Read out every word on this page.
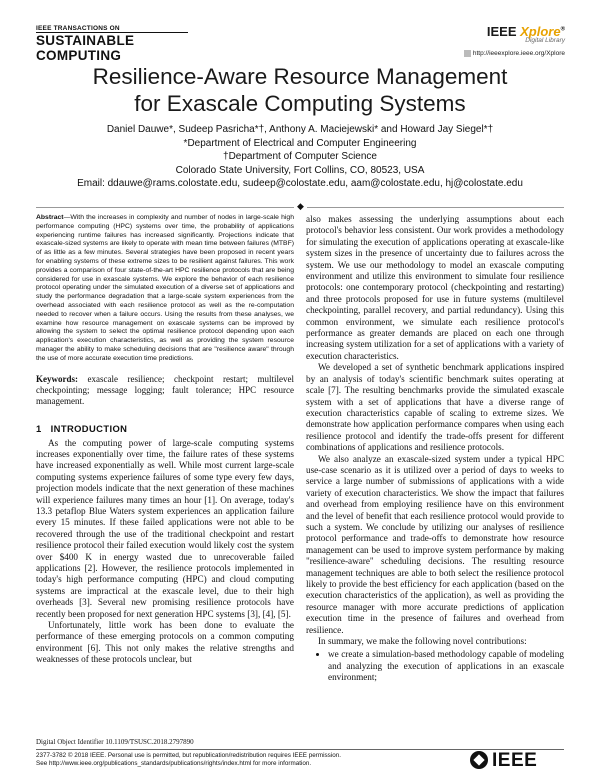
IEEE TRANSACTIONS ON
SUSTAINABLE COMPUTING
IEEE Xplore®
Digital Library
http://ieeexplore.ieee.org/Xplore
Resilience-Aware Resource Management
for Exascale Computing Systems
Daniel Dauwe*, Sudeep Pasricha*†, Anthony A. Maciejewski* and Howard Jay Siegel*†
*Department of Electrical and Computer Engineering
†Department of Computer Science
Colorado State University, Fort Collins, CO, 80523, USA
Email: ddauwe@rams.colostate.edu, sudeep@colostate.edu, aam@colostate.edu, hj@colostate.edu
◆
Abstract—With the increases in complexity and number of nodes in large-scale high performance computing (HPC) systems over time, the probability of applications experiencing runtime failures has increased significantly. Projections indicate that exascale-sized systems are likely to operate with mean time between failures (MTBF) of as little as a few minutes. Several strategies have been proposed in recent years for enabling systems of these extreme sizes to be resilient against failures. This work provides a comparison of four state-of-the-art HPC resilience protocols that are being considered for use in exascale systems. We explore the behavior of each resilience protocol operating under the simulated execution of a diverse set of applications and study the performance degradation that a large-scale system experiences from the overhead associated with each resilience protocol as well as the re-computation needed to recover when a failure occurs. Using the results from these analyses, we examine how resource management on exascale systems can be improved by allowing the system to select the optimal resilience protocol depending upon each application's execution characteristics, as well as providing the system resource manager the ability to make scheduling decisions that are "resilience aware" through the use of more accurate execution time predictions.
Keywords: exascale resilience; checkpoint restart; multilevel checkpointing; message logging; fault tolerance; HPC resource management.
1 INTRODUCTION

As the computing power of large-scale computing systems increases exponentially over time, the failure rates of these systems have increased exponentially as well. While most current large-scale computing systems experience failures of some type every few days, projection models indicate that the next generation of these machines will experience failures many times an hour [1]. On average, today's 13.3 petaflop Blue Waters system experiences an application failure every 15 minutes. If these failed applications were not able to be recovered through the use of the traditional checkpoint and restart resilience protocol their failed execution would likely cost the system over $400 K in energy wasted due to unrecoverable failed applications [2]. However, the resilience protocols implemented in today's high performance computing (HPC) and cloud computing systems are impractical at the exascale level, due to their high overheads [3]. Several new promising resilience protocols have recently been proposed for next generation HPC systems [3], [4], [5].

Unfortunately, little work has been done to evaluate the performance of these emerging protocols on a common computing environment [6]. This not only makes the relative strengths and weaknesses of these protocols unclear, but

also makes assessing the underlying assumptions about each protocol's behavior less consistent. Our work provides a methodology for simulating the execution of applications operating at exascale-like system sizes in the presence of uncertainty due to failures across the system. We use our methodology to model an exascale computing environment and utilize this environment to simulate four resilience protocols: one contemporary protocol (checkpointing and restarting) and three protocols proposed for use in future systems (multilevel checkpointing, parallel recovery, and partial redundancy). Using this common environment, we simulate each resilience protocol's performance as greater demands are placed on each one through increasing system utilization for a set of applications with a variety of execution characteristics.

We developed a set of synthetic benchmark applications inspired by an analysis of today's scientific benchmark suites operating at scale [7]. The resulting benchmarks provide the simulated exascale system with a set of applications that have a diverse range of execution characteristics capable of scaling to extreme sizes. We demonstrate how application performance compares when using each resilience protocol and identify the trade-offs present for different combinations of applications and resilience protocols.

We also analyze an exascale-sized system under a typical HPC use-case scenario as it is utilized over a period of days to weeks to service a large number of submissions of applications with a wide variety of execution characteristics. We show the impact that failures and overhead from employing resilience have on this environment and the level of benefit that each resilience protocol would provide to such a system. We conclude by utilizing our analyses of resilience protocol performance and trade-offs to demonstrate how resource management can be used to improve system performance by making "resilience-aware" scheduling decisions. The resulting resource management techniques are able to both select the resilience protocol likely to provide the best efficiency for each application (based on the execution characteristics of the application), as well as providing the resource manager with more accurate predictions of application execution time in the presence of failures and overhead from resilience.

In summary, we make the following novel contributions:

• we create a simulation-based methodology capable of modeling and analyzing the execution of applications in an exascale environment;
Digital Object Identifier 10.1109/TSUSC.2018.2797890
2377-3782 © 2018 IEEE. Personal use is permitted, but republication/redistribution requires IEEE permission.
See http://www.ieee.org/publications_standards/publications/rights/index.html for more information.	IEEE
